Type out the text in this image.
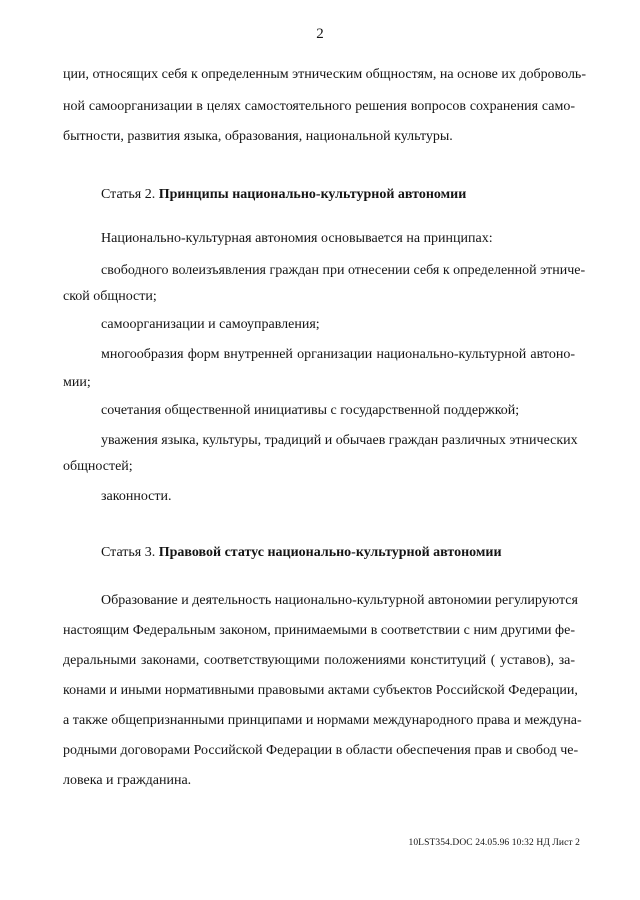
2
ции, относящих себя к определенным этническим общностям, на основе их доброволь-
ной самоорганизации в целях самостоятельного решения вопросов сохранения само-
бытности, развития языка, образования, национальной культуры.
Статья 2. Принципы национально-культурной автономии
Национально-культурная автономия основывается на принципах:
свободного волеизъявления граждан при отнесении себя к определенной этниче-
ской общности;
самоорганизации и самоуправления;
многообразия форм внутренней организации национально-культурной автоно-
мии;
сочетания общественной инициативы с государственной поддержкой;
уважения языка, культуры, традиций и обычаев граждан различных этнических
общностей;
законности.
Статья 3. Правовой статус национально-культурной автономии
Образование и деятельность национально-культурной автономии регулируются
настоящим Федеральным законом, принимаемыми в соответствии с ним другими фе-
деральными законами, соответствующими положениями конституций ( уставов), за-
конами и иными нормативными правовыми актами субъектов Российской Федерации,
а также общепризнанными принципами и нормами международного права и междуна-
родными договорами Российской Федерации в области обеспечения прав и свобод че-
ловека и гражданина.
10LST354.DOC 24.05.96 10:32 НД Лист 2
